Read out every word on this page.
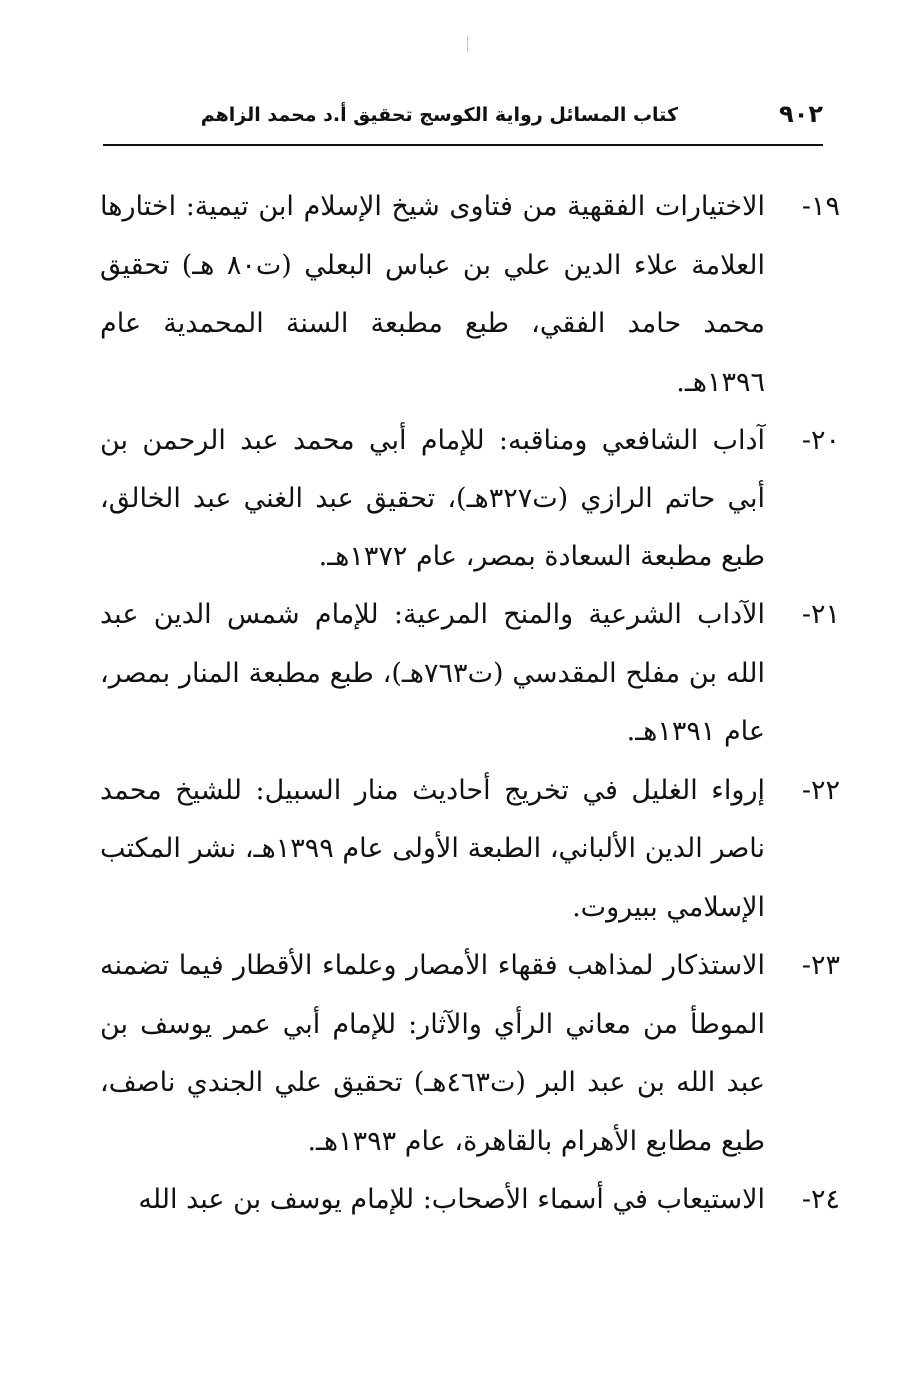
٩٠٢
كتاب المسائل رواية الكوسج تحقيق أ.د محمد الزاهم
١٩-

الاختيارات الفقهية من فتاوى شيخ الإسلام ابن تيمية: اختارها العلامة علاء الدين علي بن عباس البعلي (ت٨٠ هـ) تحقيق محمد حامد الفقي، طبع مطبعة السنة المحمدية عام ١٣٩٦هـ.

٢٠-

آداب الشافعي ومناقبه: للإمام أبي محمد عبد الرحمن بن أبي حاتم الرازي (ت٣٢٧هـ)، تحقيق عبد الغني عبد الخالق، طبع مطبعة السعادة بمصر، عام ١٣٧٢هـ.

٢١-

الآداب الشرعية والمنح المرعية: للإمام شمس الدين عبد الله بن مفلح المقدسي (ت٧٦٣هـ)، طبع مطبعة المنار بمصر، عام ١٣٩١هـ.

٢٢-

إرواء الغليل في تخريج أحاديث منار السبيل: للشيخ محمد ناصر الدين الألباني، الطبعة الأولى عام ١٣٩٩هـ، نشر المكتب الإسلامي ببيروت.

٢٣-

الاستذكار لمذاهب فقهاء الأمصار وعلماء الأقطار فيما تضمنه الموطأ من معاني الرأي والآثار: للإمام أبي عمر يوسف بن عبد الله بن عبد البر (ت٤٦٣هـ) تحقيق علي الجندي ناصف، طبع مطابع الأهرام بالقاهرة، عام ١٣٩٣هـ.

٢٤-

الاستيعاب في أسماء الأصحاب: للإمام يوسف بن عبد الله
